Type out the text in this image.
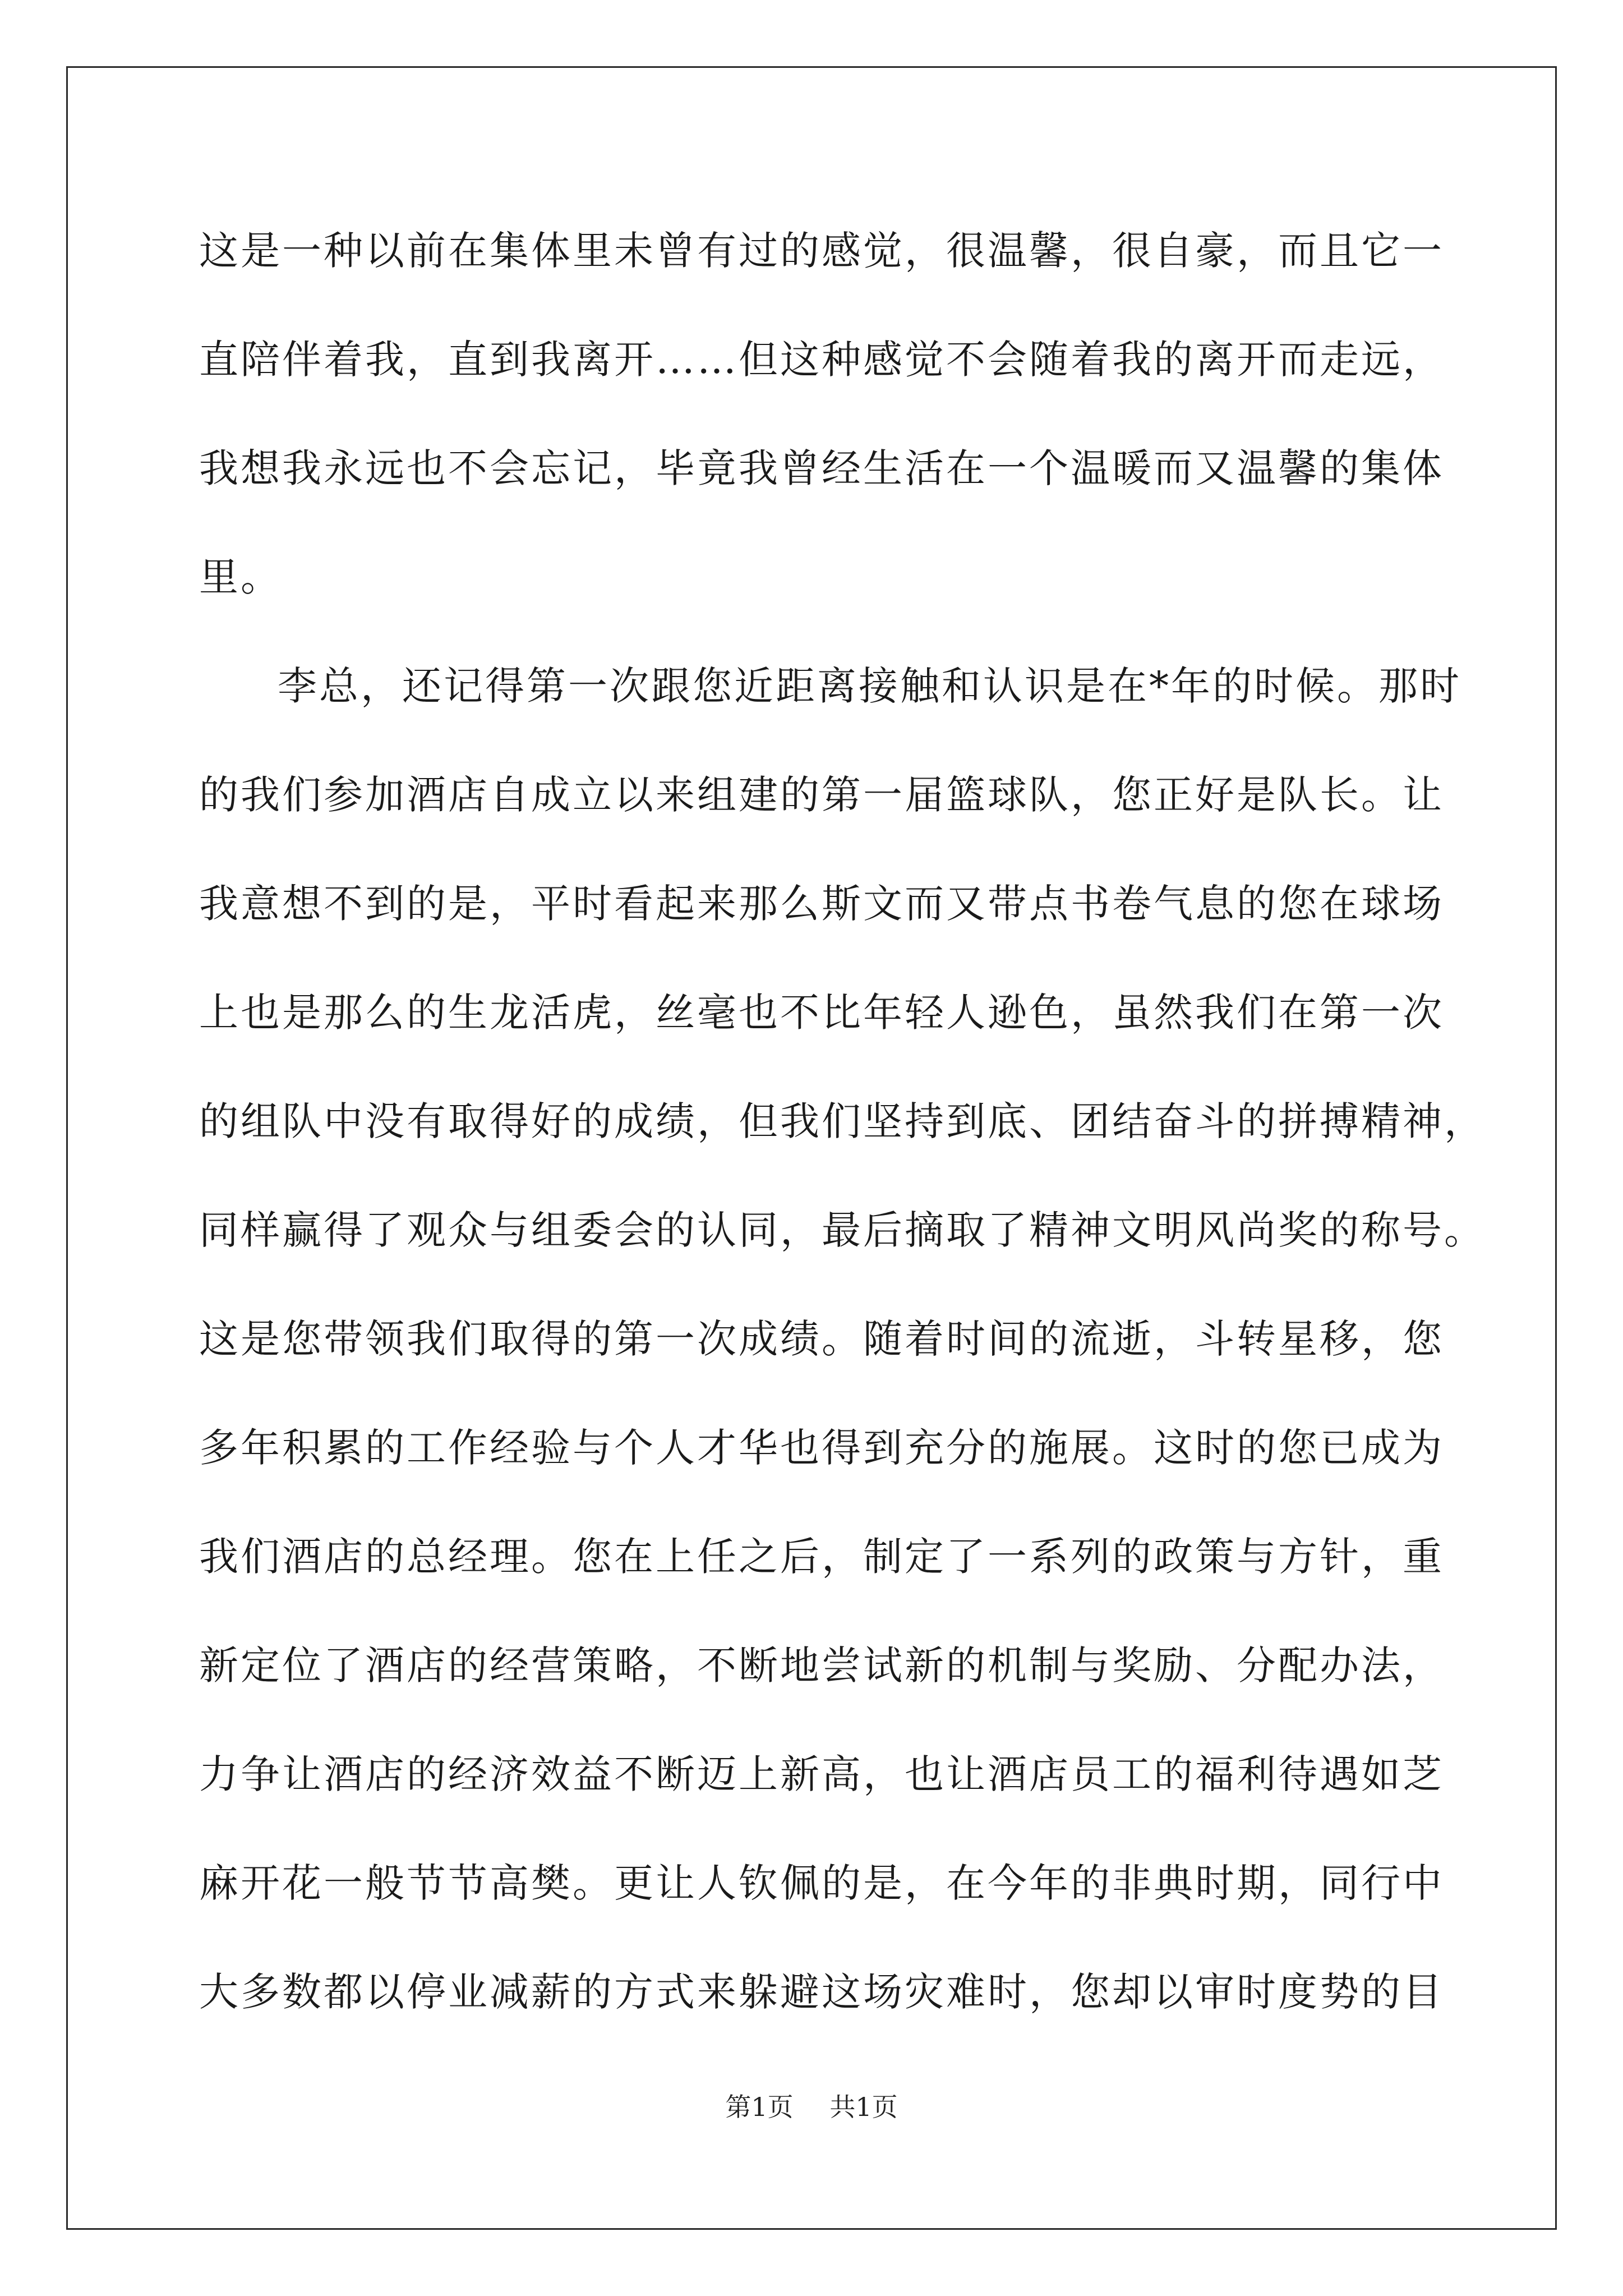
这是一种以前在集体里未曾有过的感觉，很温馨，很自豪，而且它一
直陪伴着我，直到我离开……但这种感觉不会随着我的离开而走远，
我想我永远也不会忘记，毕竟我曾经生活在一个温暖而又温馨的集体
里。
李总，还记得第一次跟您近距离接触和认识是在*年的时候。那时
的我们参加酒店自成立以来组建的第一届篮球队，您正好是队长。让
我意想不到的是，平时看起来那么斯文而又带点书卷气息的您在球场
上也是那么的生龙活虎，丝毫也不比年轻人逊色，虽然我们在第一次
的组队中没有取得好的成绩，但我们坚持到底、团结奋斗的拼搏精神，
同样赢得了观众与组委会的认同，最后摘取了精神文明风尚奖的称号。
这是您带领我们取得的第一次成绩。随着时间的流逝，斗转星移，您
多年积累的工作经验与个人才华也得到充分的施展。这时的您已成为
我们酒店的总经理。您在上任之后，制定了一系列的政策与方针，重
新定位了酒店的经营策略，不断地尝试新的机制与奖励、分配办法，
力争让酒店的经济效益不断迈上新高，也让酒店员工的福利待遇如芝
麻开花一般节节高樊。更让人钦佩的是，在今年的非典时期，同行中
大多数都以停业减薪的方式来躲避这场灾难时，您却以审时度势的目
第1页 共1页
